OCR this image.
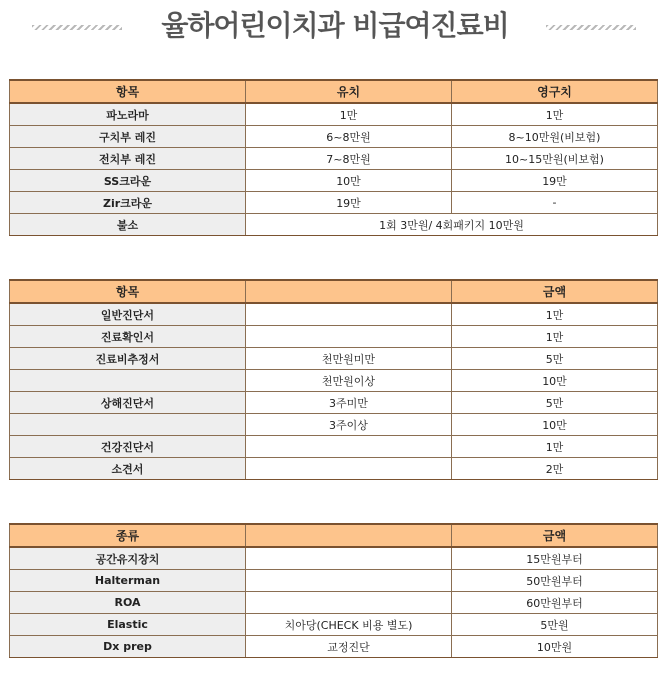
율하어린이치과 비급여진료비
항목	유치	영구치
파노라마	1만	1만
구치부 레진	6~8만원	8~10만원(비보험)
전치부 레진	7~8만원	10~15만원(비보험)
SS크라운	10만	19만
Zir크라운	19만	-
불소	1회 3만원/ 4회패키지 10만원	
항목		금액
일반진단서		1만
진료확인서		1만
진료비추정서	천만원미만	5만
	천만원이상	10만
상해진단서	3주미만	5만
	3주이상	10만
건강진단서		1만
소견서		2만
종류		금액
공간유지장치		15만원부터
Halterman		50만원부터
ROA		60만원부터
Elastic	치아당(CHECK 비용 별도)	5만원
Dx prep	교정진단	10만원
